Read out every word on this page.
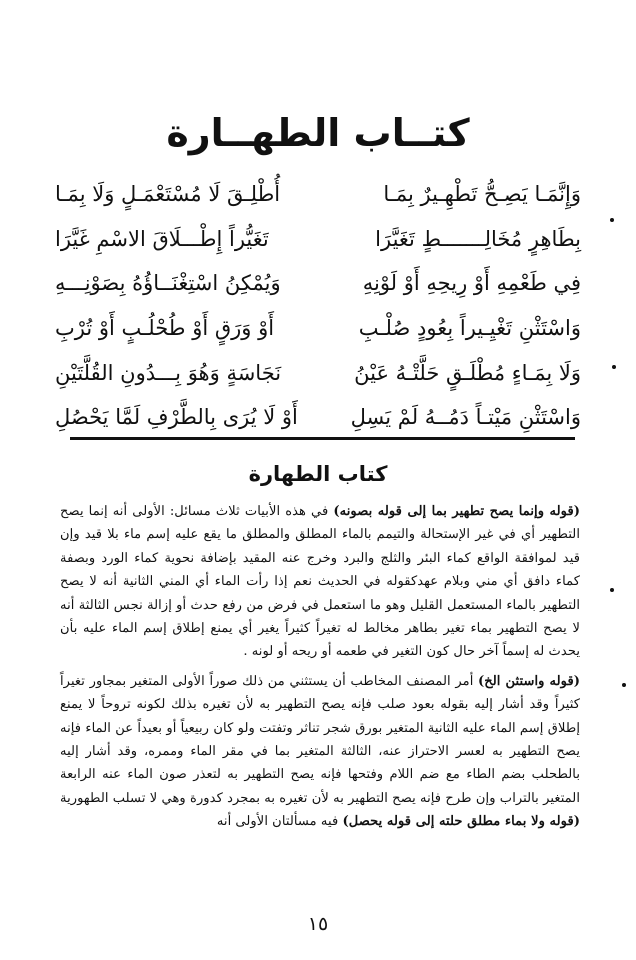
كتــاب الطهــارة
وَإِنَّمَـا يَصِـحُّ تَطْهِـيرٌ بِمَـا
أُطْلِـقَ لَا مُسْتَعْمَـلٍ وَلَا بِمَـا
بِطَاهِرٍ مُخَالِـــــــطٍ تَغَيَّرَا
تَغَيُّراً إِطْـــلَاقَ الاسْمِ غَيَّرَا
فِي طَعْمِهِ أَوْ رِيحِهِ أَوْ لَوْنِهِ
وَيُمْكِنُ اسْتِغْنَــاؤُهُ بِصَوْنِـــهِ
وَاسْتَثْنِ تَغْيِـيراً بِعُودٍ صُلْـبِ
أَوْ وَرَقٍ أَوْ طُحْلُـبٍ أَوْ تُرْبِ
وَلَا بِمَـاءٍ مُطْلَـقٍ حَلَّتْـهُ عَيْنُ
نَجَاسَةٍ وَهُوَ بِـــدُونِ القُلَّتَيْنِ
وَاسْتَثْنِ مَيْتـاً دَمُــهُ لَمْ يَسِلِ
أَوْ لَا يُرَى بِالطَّرْفِ لَمَّا يَحْصُلِ
كتاب الطهارة

(قوله وإنما يصح تطهير بما إلى قوله بصونه) في هذه الأبيات ثلاث مسائل: الأولى أنه إنما يصح التطهير أي في غير الإستحالة والتيمم بالماء المطلق والمطلق ما يقع عليه إسم ماء بلا قيد وإن قيد لموافقة الواقع كماء البئر والثلج والبرد وخرج عنه المقيد بإضافة نحوية كماء الورد وبصفة كماء دافق أي مني وبلام عهدكقوله في الحديث نعم إذا رأت الماء أي المني الثانية أنه لا يصح التطهير بالماء المستعمل القليل وهو ما استعمل في فرض من رفع حدث أو إزالة نجس الثالثة أنه لا يصح التطهير بماء تغير بطاهر مخالط له تغيراً كثيراً يغير أي يمنع إطلاق إسم الماء عليه بأن يحدث له إسماً آخر حال كون التغير في طعمه أو ريحه أو لونه .

(قوله واستثن الخ) أمر المصنف المخاطب أن يستثني من ذلك صوراً الأولى المتغير بمجاور تغيراً كثيراً وقد أشار إليه بقوله بعود صلب فإنه يصح التطهير به لأن تغيره بذلك لكونه تروحاً لا يمنع إطلاق إسم الماء عليه الثانية المتغير بورق شجر تناثر وتفتت ولو كان ربيعياً أو بعيداً عن الماء فإنه يصح التطهير به لعسر الاحتراز عنه، الثالثة المتغير بما في مقر الماء وممره، وقد أشار إليه بالطحلب بضم الطاء مع ضم اللام وفتحها فإنه يصح التطهير به لتعذر صون الماء عنه الرابعة المتغير بالتراب وإن طرح فإنه يصح التطهير به لأن تغيره به بمجرد كدورة وهي لا تسلب الطهورية (قوله ولا بماء مطلق حلته إلى قوله يحصل) فيه مسألتان الأولى أنه

١٥
